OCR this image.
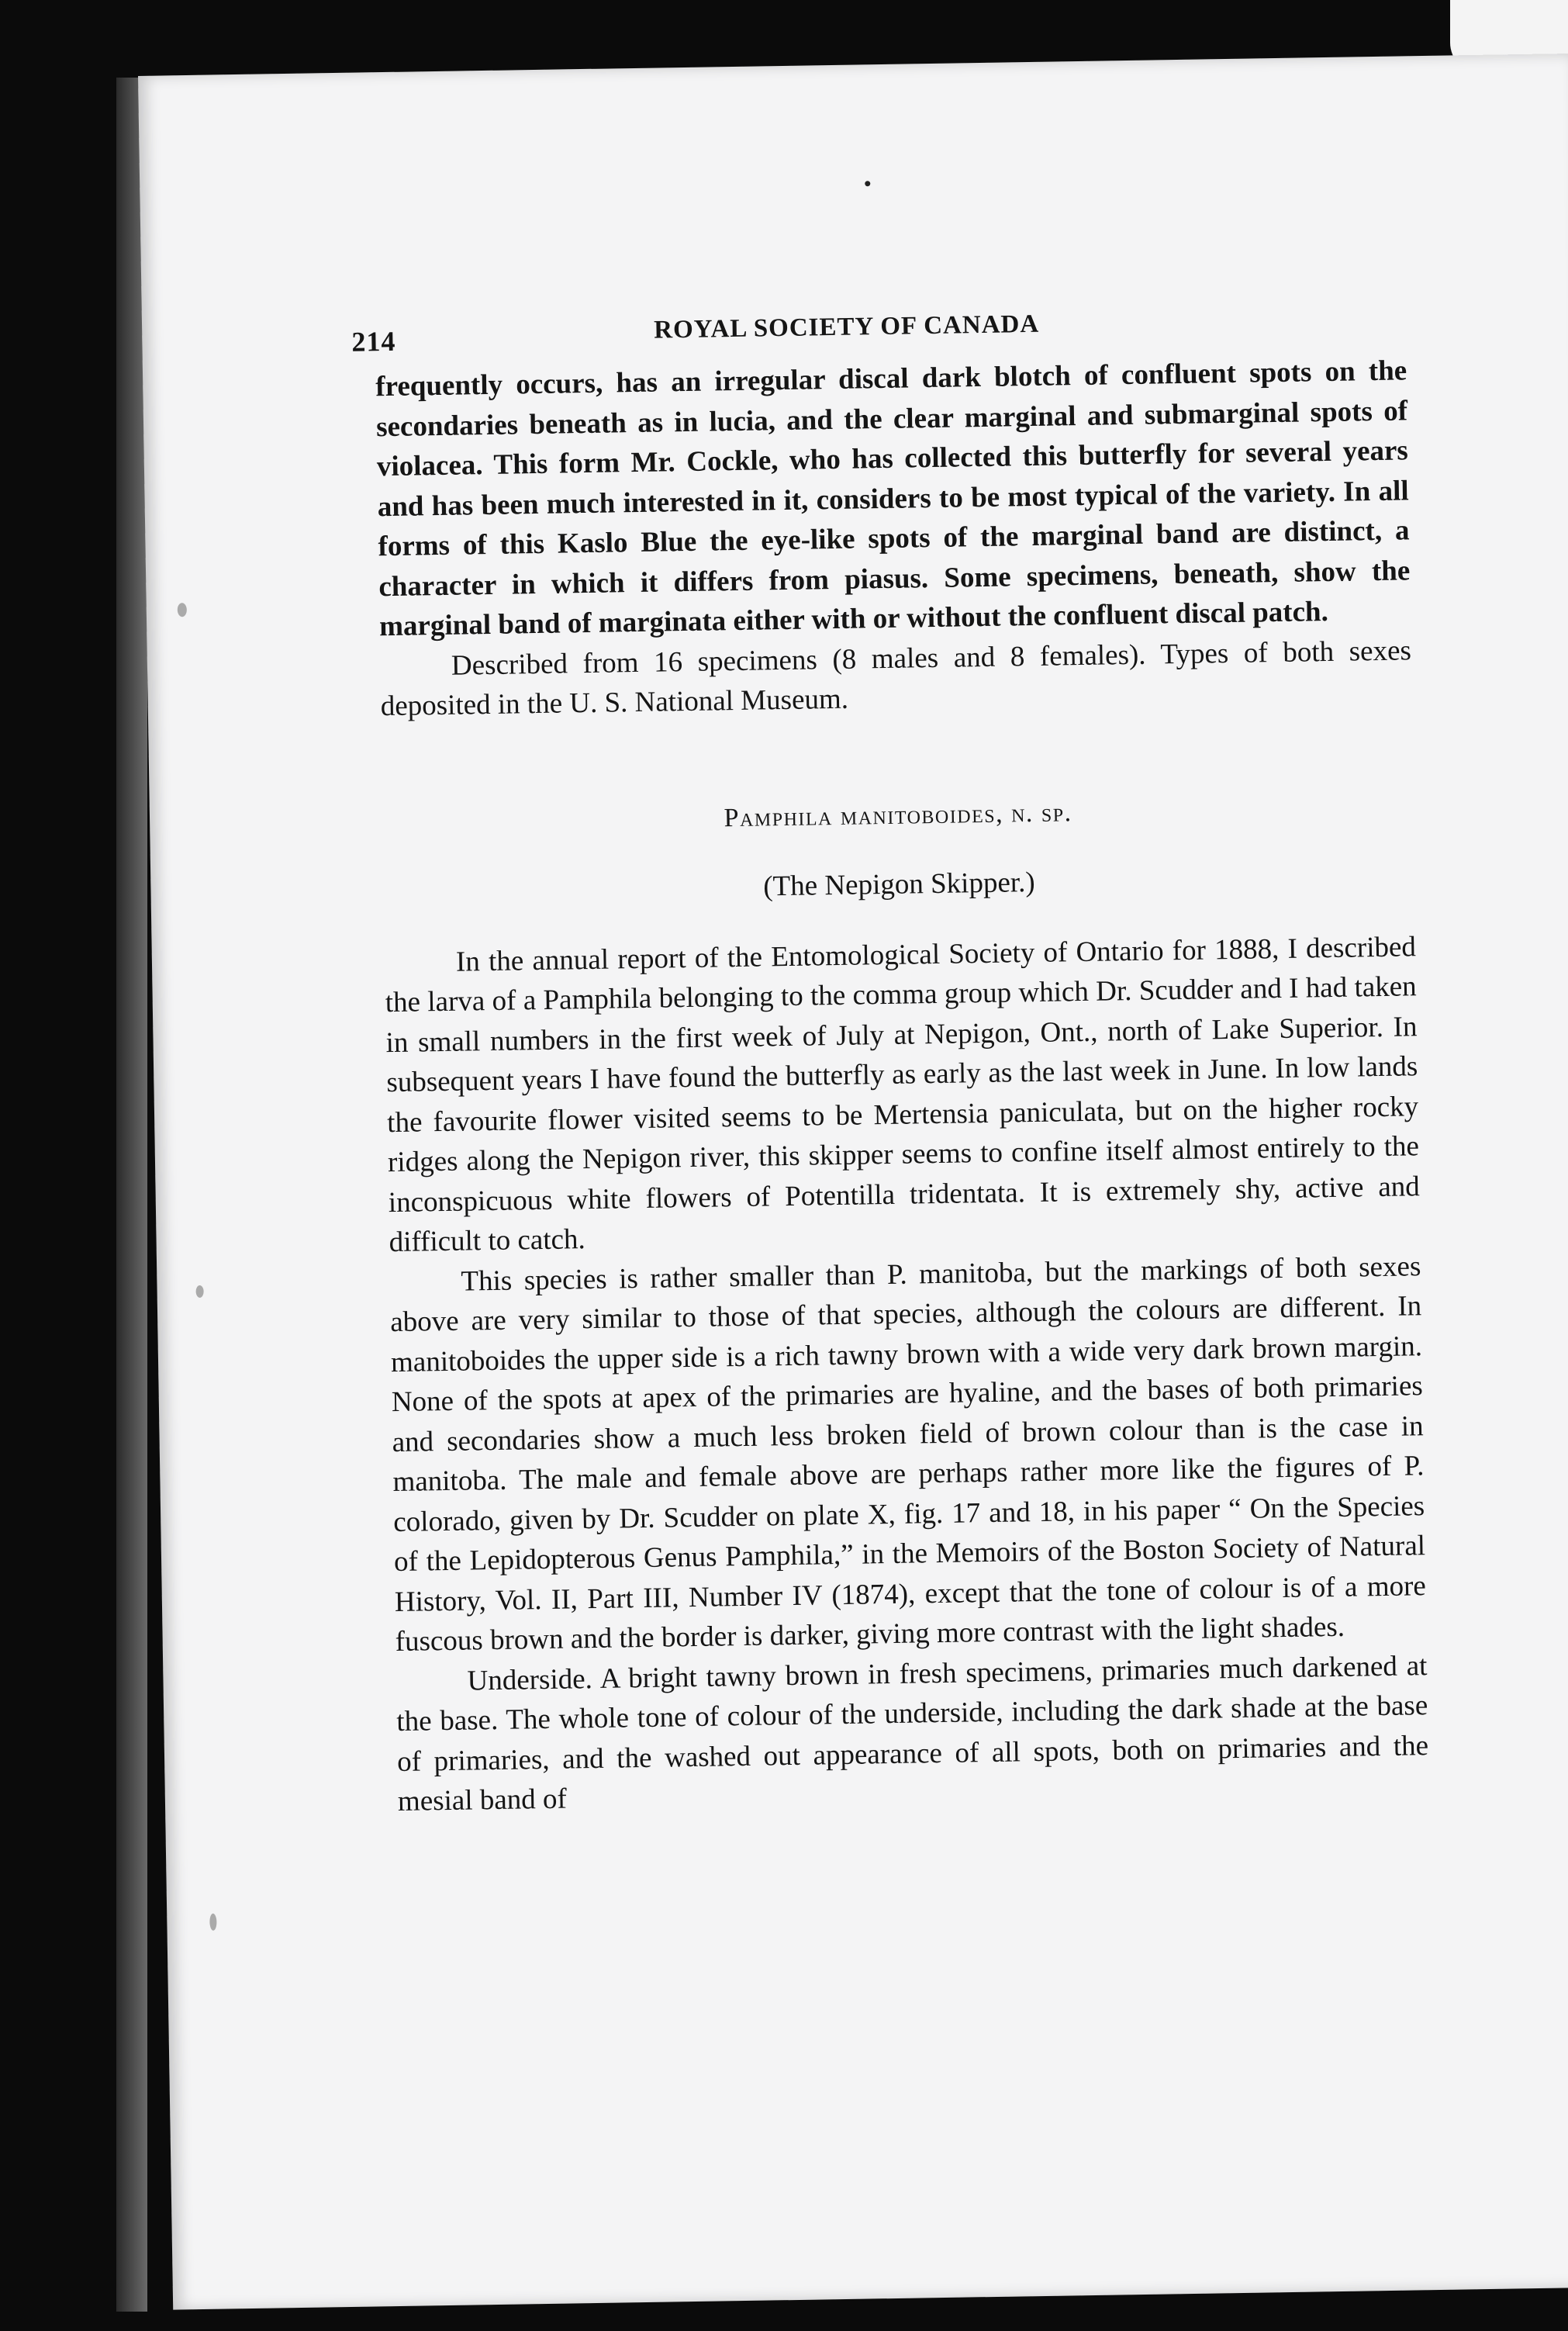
214	ROYAL SOCIETY OF CANADA

frequently occurs, has an irregular discal dark blotch of confluent spots on the secondaries beneath as in lucia, and the clear marginal and submarginal spots of violacea. This form Mr. Cockle, who has collected this butterfly for several years and has been much interested in it, considers to be most typical of the variety. In all forms of this Kaslo Blue the eye-like spots of the marginal band are distinct, a character in which it differs from piasus. Some specimens, beneath, show the marginal band of marginata either with or without the confluent discal patch.

Described from 16 specimens (8 males and 8 females). Types of both sexes deposited in the U. S. National Museum.

Pamphila manitoboides, n. sp.
(The Nepigon Skipper.)

In the annual report of the Entomological Society of Ontario for 1888, I described the larva of a Pamphila belonging to the comma group which Dr. Scudder and I had taken in small numbers in the first week of July at Nepigon, Ont., north of Lake Superior. In subsequent years I have found the butterfly as early as the last week in June. In low lands the favourite flower visited seems to be Mertensia paniculata, but on the higher rocky ridges along the Nepigon river, this skipper seems to confine itself almost entirely to the inconspicuous white flowers of Potentilla tridentata. It is extremely shy, active and difficult to catch.

This species is rather smaller than P. manitoba, but the markings of both sexes above are very similar to those of that species, although the colours are different. In manitoboides the upper side is a rich tawny brown with a wide very dark brown margin. None of the spots at apex of the primaries are hyaline, and the bases of both primaries and secondaries show a much less broken field of brown colour than is the case in manitoba. The male and female above are perhaps rather more like the figures of P. colorado, given by Dr. Scudder on plate X, fig. 17 and 18, in his paper “ On the Species of the Lepidopterous Genus Pamphila,” in the Memoirs of the Boston Society of Natural History, Vol. II, Part III, Number IV (1874), except that the tone of colour is of a more fuscous brown and the border is darker, giving more contrast with the light shades.

Underside. A bright tawny brown in fresh specimens, primaries much darkened at the base. The whole tone of colour of the underside, including the dark shade at the base of primaries, and the washed out appearance of all spots, both on primaries and the mesial band of
